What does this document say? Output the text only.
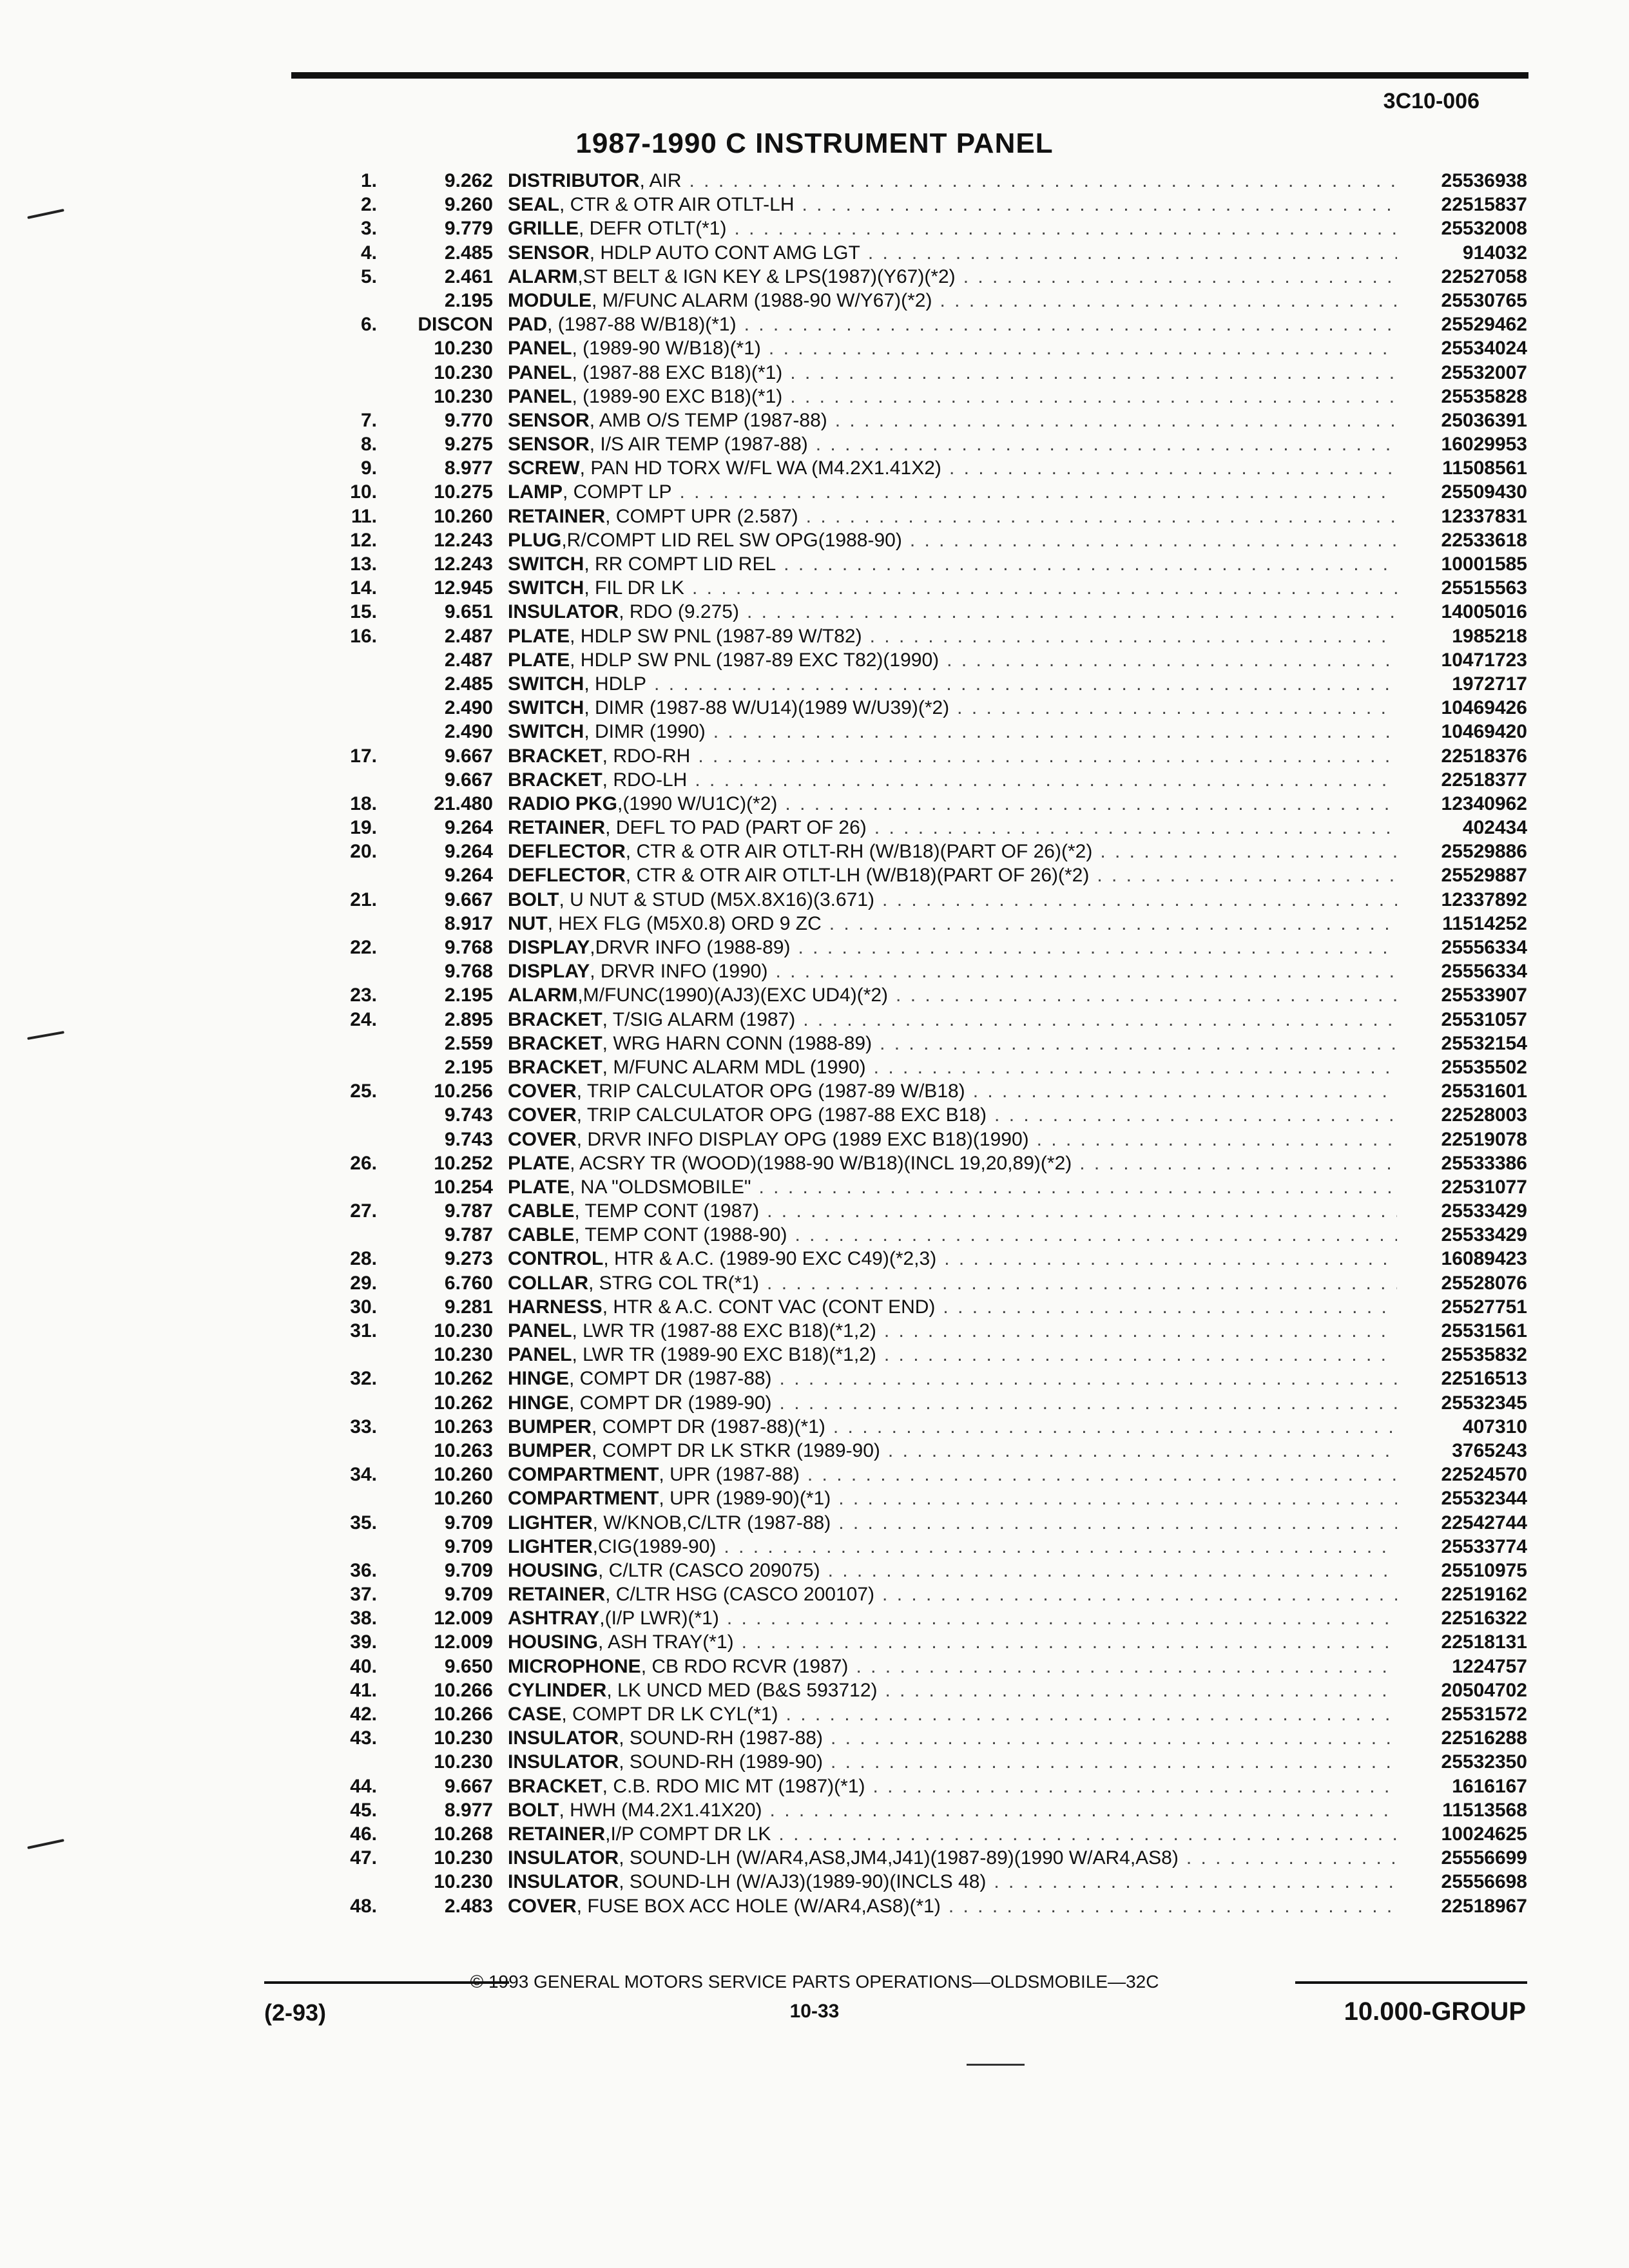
3C10-006
1987-1990 C INSTRUMENT PANEL
1.	9.262 DISTRIBUTOR , AIR . . .	25536938
2.	9.260 SEAL , CTR & OTR AIR OTLT-LH . . .	22515837
3.	9.779 GRILLE , DEFR OTLT(*1) . . .	25532008
4.	2.485 SENSOR , HDLP AUTO CONT AMG LGT . . .	914032
5.	2.461 ALARM ,ST BELT & IGN KEY & LPS(1987)(Y67)(*2) . . .	22527058
2.195 MODULE , M/FUNC ALARM (1988-90 W/Y67)(*2) . . .	25530765
6.	DISCON PAD , (1987-88 W/B18)(*1) . . .	25529462
10.230 PANEL , (1989-90 W/B18)(*1) . . .	25534024
10.230 PANEL , (1987-88 EXC B18)(*1) . . .	25532007
10.230 PANEL , (1989-90 EXC B18)(*1) . . .	25535828
7.	9.770 SENSOR , AMB O/S TEMP (1987-88) . . .	25036391
8.	9.275 SENSOR , I/S AIR TEMP (1987-88) . . .	16029953
9.	8.977 SCREW , PAN HD TORX W/FL WA (M4.2X1.41X2) . . .	11508561
10.	10.275 LAMP , COMPT LP . . .	25509430
11.	10.260 RETAINER , COMPT UPR (2.587) . . .	12337831
12.	12.243 PLUG ,R/COMPT LID REL SW OPG(1988-90) . . .	22533618
13.	12.243 SWITCH , RR COMPT LID REL . . .	10001585
14.	12.945 SWITCH , FIL DR LK . . .	25515563
15.	9.651 INSULATOR , RDO (9.275) . . .	14005016
16.	2.487 PLATE , HDLP SW PNL (1987-89 W/T82) . . .	1985218
2.487 PLATE , HDLP SW PNL (1987-89 EXC T82)(1990) . . .	10471723
2.485 SWITCH , HDLP . . .	1972717
2.490 SWITCH , DIMR (1987-88 W/U14)(1989 W/U39)(*2) . . .	10469426
2.490 SWITCH , DIMR (1990) . . .	10469420
17.	9.667 BRACKET , RDO-RH . . .	22518376
9.667 BRACKET , RDO-LH . . .	22518377
18.	21.480 RADIO PKG ,(1990 W/U1C)(*2) . . .	12340962
19.	9.264 RETAINER , DEFL TO PAD (PART OF 26) . . .	402434
20.	9.264 DEFLECTOR , CTR & OTR AIR OTLT-RH (W/B18)(PART OF 26)(*2) . . .	25529886
9.264 DEFLECTOR , CTR & OTR AIR OTLT-LH (W/B18)(PART OF 26)(*2) . . .	25529887
21.	9.667 BOLT , U NUT & STUD (M5X.8X16)(3.671) . . .	12337892
8.917 NUT , HEX FLG (M5X0.8) ORD 9 ZC . . .	11514252
22.	9.768 DISPLAY ,DRVR INFO (1988-89) . . .	25556334
9.768 DISPLAY , DRVR INFO (1990) . . .	25556334
23.	2.195 ALARM ,M/FUNC(1990)(AJ3)(EXC UD4)(*2) . . .	25533907
24.	2.895 BRACKET , T/SIG ALARM (1987) . . .	25531057
2.559 BRACKET , WRG HARN CONN (1988-89) . . .	25532154
2.195 BRACKET , M/FUNC ALARM MDL (1990) . . .	25535502
25.	10.256 COVER , TRIP CALCULATOR OPG (1987-89 W/B18) . . .	25531601
9.743 COVER , TRIP CALCULATOR OPG (1987-88 EXC B18) . . .	22528003
9.743 COVER , DRVR INFO DISPLAY OPG (1989 EXC B18)(1990) . . .	22519078
26.	10.252 PLATE , ACSRY TR (WOOD)(1988-90 W/B18)(INCL 19,20,89)(*2) . . .	25533386
10.254 PLATE , NA "OLDSMOBILE" . . .	22531077
27.	9.787 CABLE , TEMP CONT (1987) . . .	25533429
9.787 CABLE , TEMP CONT (1988-90) . . .	25533429
28.	9.273 CONTROL , HTR & A.C. (1989-90 EXC C49)(*2,3) . . .	16089423
29.	6.760 COLLAR , STRG COL TR(*1) . . .	25528076
30.	9.281 HARNESS , HTR & A.C. CONT VAC (CONT END) . . .	25527751
31.	10.230 PANEL , LWR TR (1987-88 EXC B18)(*1,2) . . .	25531561
10.230 PANEL , LWR TR (1989-90 EXC B18)(*1,2) . . .	25535832
32.	10.262 HINGE , COMPT DR (1987-88) . . .	22516513
10.262 HINGE , COMPT DR (1989-90) . . .	25532345
33.	10.263 BUMPER , COMPT DR (1987-88)(*1) . . .	407310
10.263 BUMPER , COMPT DR LK STKR (1989-90) . . .	3765243
34.	10.260 COMPARTMENT , UPR (1987-88) . . .	22524570
10.260 COMPARTMENT , UPR (1989-90)(*1) . . .	25532344
35.	9.709 LIGHTER , W/KNOB,C/LTR (1987-88) . . .	22542744
9.709 LIGHTER ,CIG(1989-90) . . .	25533774
36.	9.709 HOUSING , C/LTR (CASCO 209075) . . .	25510975
37.	9.709 RETAINER , C/LTR HSG (CASCO 200107) . . .	22519162
38.	12.009 ASHTRAY ,(I/P LWR)(*1) . . .	22516322
39.	12.009 HOUSING , ASH TRAY(*1) . . .	22518131
40.	9.650 MICROPHONE , CB RDO RCVR (1987) . . .	1224757
41.	10.266 CYLINDER , LK UNCD MED (B&S 593712) . . .	20504702
42.	10.266 CASE , COMPT DR LK CYL(*1) . . .	25531572
43.	10.230 INSULATOR , SOUND-RH (1987-88) . . .	22516288
10.230 INSULATOR , SOUND-RH (1989-90) . . .	25532350
44.	9.667 BRACKET , C.B. RDO MIC MT (1987)(*1) . . .	1616167
45.	8.977 BOLT , HWH (M4.2X1.41X20) . . .	11513568
46.	10.268 RETAINER ,I/P COMPT DR LK . . .	10024625
47.	10.230 INSULATOR , SOUND-LH (W/AR4,AS8,JM4,J41)(1987-89)(1990 W/AR4,AS8) . . .	25556699
10.230 INSULATOR , SOUND-LH (W/AJ3)(1989-90)(INCLS 48) . . .	25556698
48.	2.483 COVER , FUSE BOX ACC HOLE (W/AR4,AS8)(*1) . . .	22518967
(2-93)
© 1993 GENERAL MOTORS SERVICE PARTS OPERATIONS—OLDSMOBILE—32C
10-33	10.000-GROUP
